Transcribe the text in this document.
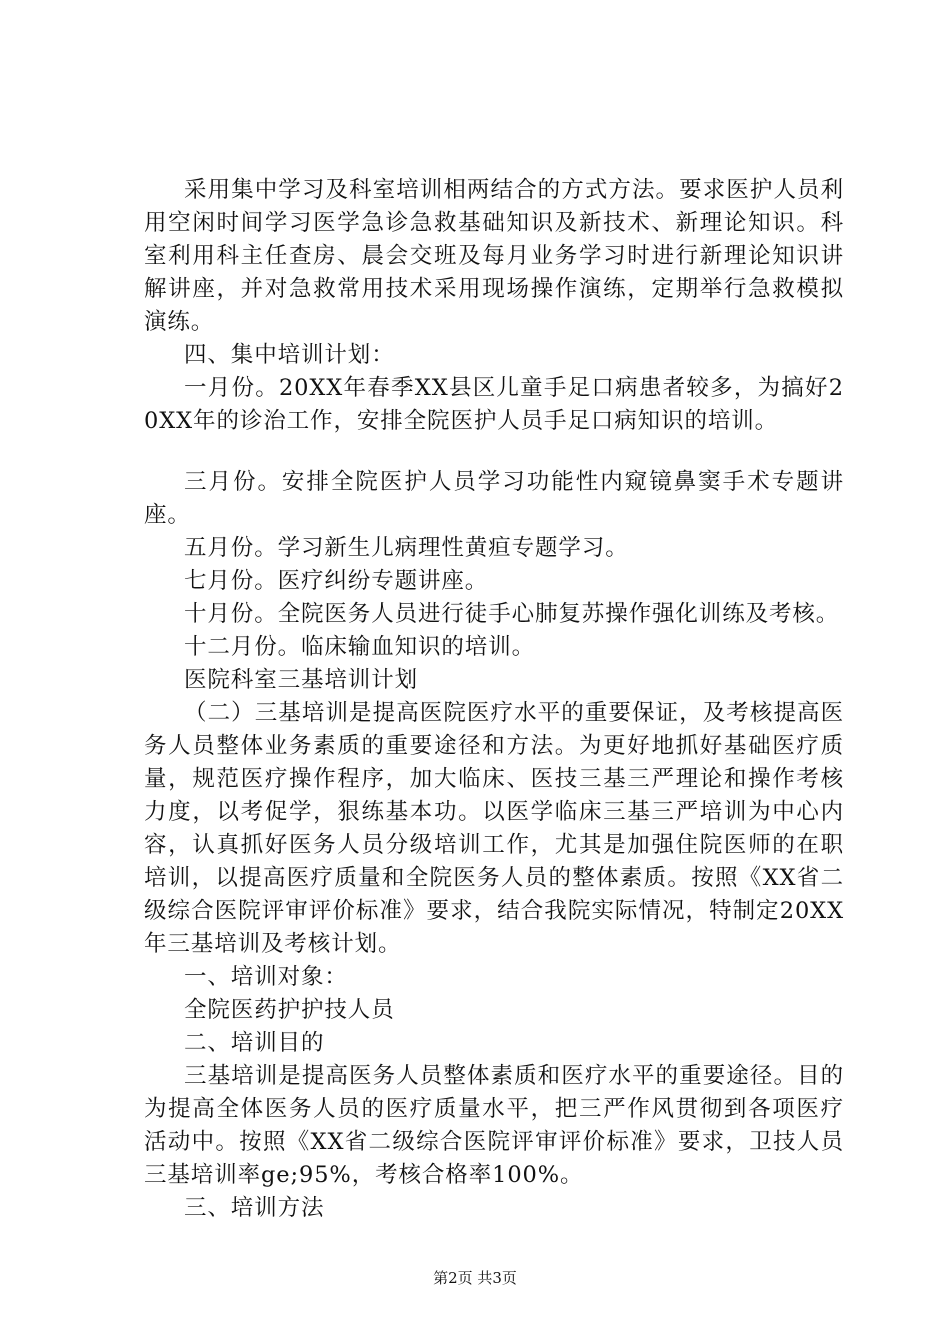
采用集中学习及科室培训相两结合的方式方法。要求医护人员利用空闲时间学习医学急诊急救基础知识及新技术、新理论知识。科室利用科主任查房、晨会交班及每月业务学习时进行新理论知识讲解讲座，并对急救常用技术采用现场操作演练，定期举行急救模拟演练。

四、集中培训计划：

一月份。20XX年春季XX县区儿童手足口病患者较多，为搞好20XX年的诊治工作，安排全院医护人员手足口病知识的培训。

三月份。安排全院医护人员学习功能性内窥镜鼻窦手术专题讲座。

五月份。学习新生儿病理性黄疸专题学习。

七月份。医疗纠纷专题讲座。

十月份。全院医务人员进行徒手心肺复苏操作强化训练及考核。

十二月份。临床输血知识的培训。

医院科室三基培训计划

（二）三基培训是提高医院医疗水平的重要保证，及考核提高医务人员整体业务素质的重要途径和方法。为更好地抓好基础医疗质量，规范医疗操作程序，加大临床、医技三基三严理论和操作考核力度，以考促学，狠练基本功。以医学临床三基三严培训为中心内容，认真抓好医务人员分级培训工作，尤其是加强住院医师的在职培训，以提高医疗质量和全院医务人员的整体素质。按照《XX省二级综合医院评审评价标准》要求，结合我院实际情况，特制定20XX年三基培训及考核计划。

一、培训对象：

全院医药护护技人员

二、培训目的

三基培训是提高医务人员整体素质和医疗水平的重要途径。目的为提高全体医务人员的医疗质量水平，把三严作风贯彻到各项医疗活动中。按照《XX省二级综合医院评审评价标准》要求，卫技人员三基培训率ge;95%，考核合格率100%。

三、培训方法

第2页 共3页
